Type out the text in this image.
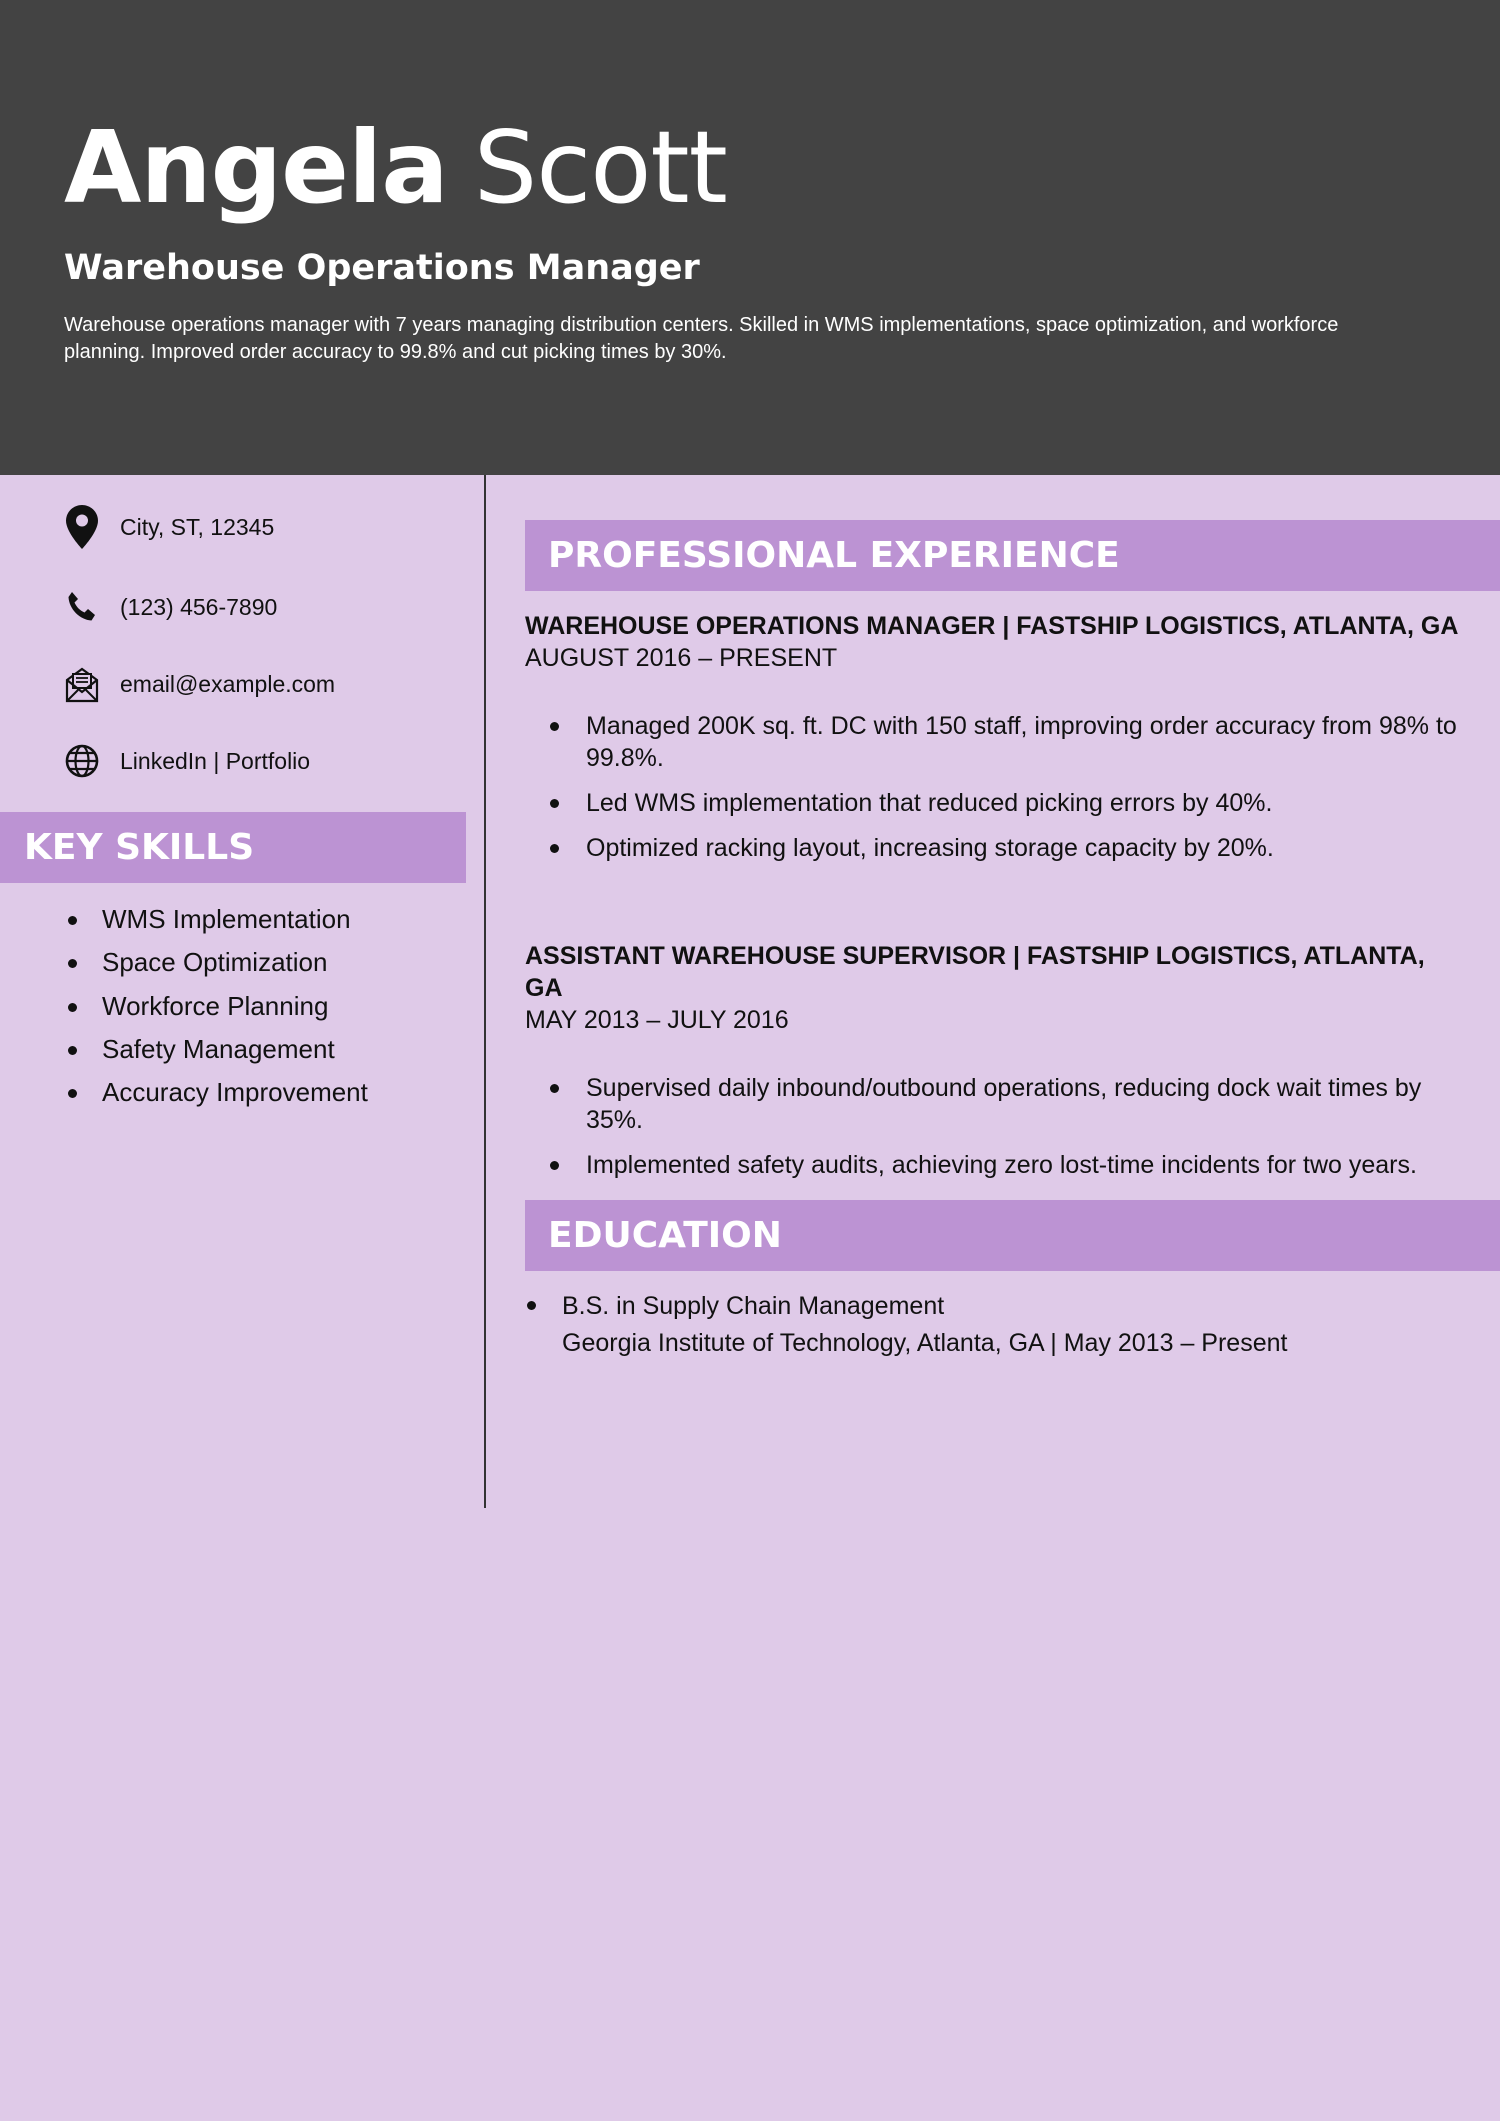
Angela Scott
Warehouse Operations Manager

Warehouse operations manager with 7 years managing distribution centers. Skilled in WMS implementations, space optimization, and workforce planning. Improved order accuracy to 99.8% and cut picking times by 30%.

City, ST, 12345
(123) 456-7890
email@example.com
LinkedIn | Portfolio
KEY SKILLS
WMS Implementation
Space Optimization
Workforce Planning
Safety Management
Accuracy Improvement
PROFESSIONAL EXPERIENCE

WAREHOUSE OPERATIONS MANAGER | FASTSHIP LOGISTICS, ATLANTA, GA

AUGUST 2016 – PRESENT

Managed 200K sq. ft. DC with 150 staff, improving order accuracy from 98% to 99.8%.
Led WMS implementation that reduced picking errors by 40%.
Optimized racking layout, increasing storage capacity by 20%.

ASSISTANT WAREHOUSE SUPERVISOR | FASTSHIP LOGISTICS, ATLANTA, GA

MAY 2013 – JULY 2016

Supervised daily inbound/outbound operations, reducing dock wait times by 35%.
Implemented safety audits, achieving zero lost-time incidents for two years.
EDUCATION
B.S. in Supply Chain Management
Georgia Institute of Technology, Atlanta, GA | May 2013 – Present
